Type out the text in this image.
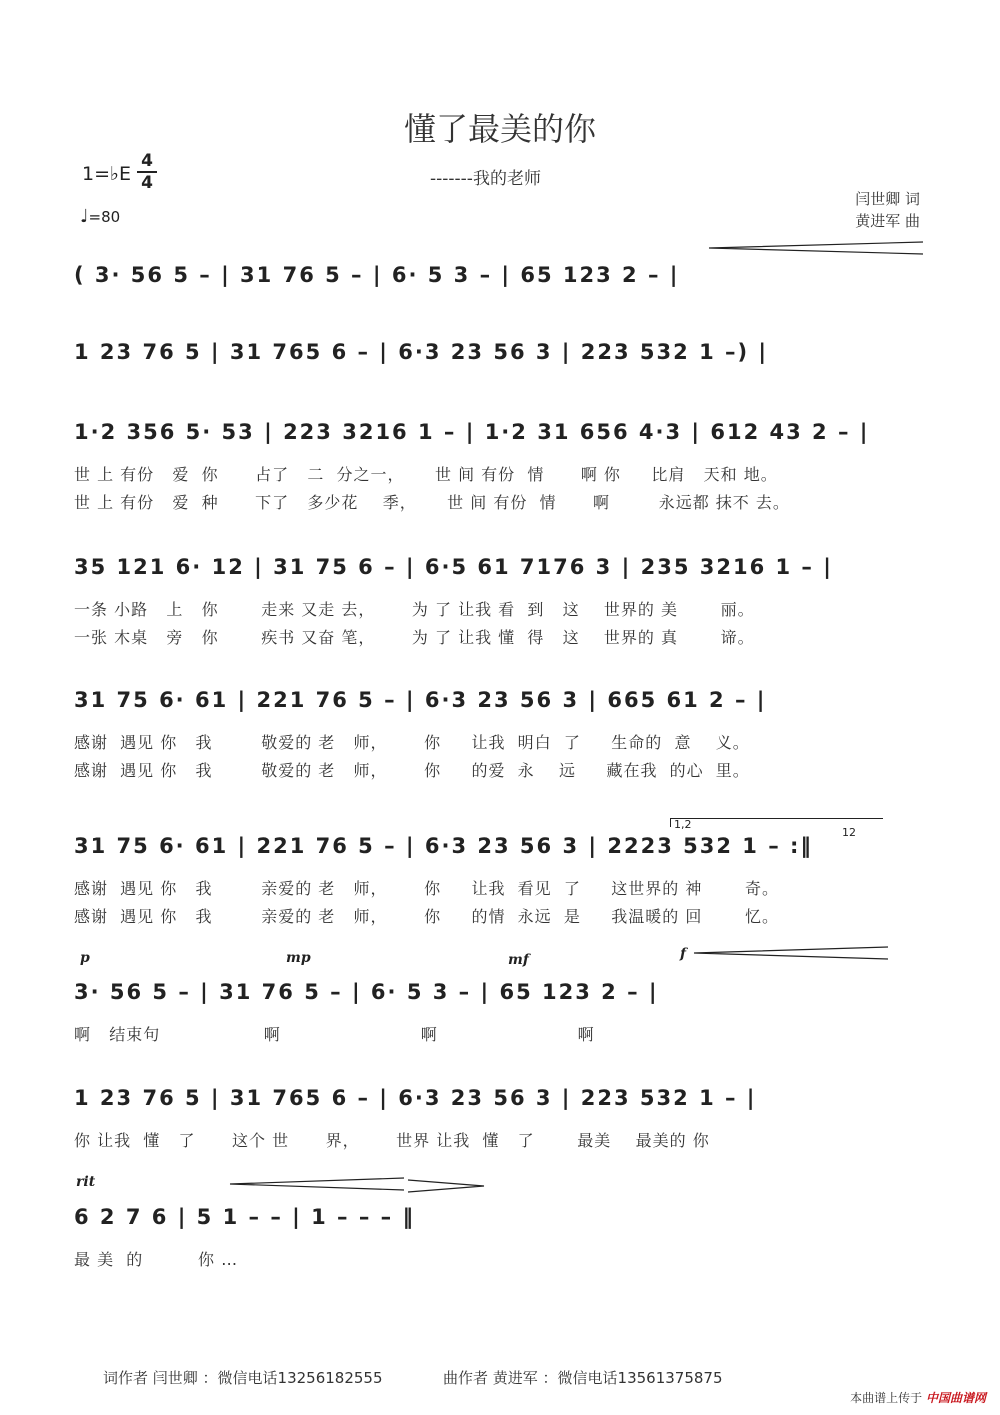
懂了最美的你
-------我的老师
1=♭E
4
4
♩=80
闫世卿 词
黄进军 曲
p	mp	mf	f
rit
1,2
12
( 3· 56 5 – | 31 76 5 – | 6· 5 3 – | 65 123 2 – |
1 23 76 5 | 31 765 6 – | 6·3 23 56 3 | 223 532 1 –) |
1·2 356 5· 53 | 223 3216 1 – | 1·2 31 656 4·3 | 612 43 2 – |
世 上 有份   爱  你      占了   二  分之一，     世 间 有份  情      啊 你     比肩   天和 地。
世 上 有份   爱  种      下了   多少花    季，     世 间 有份  情      啊        永远都 抹不 去。
35 121 6· 12 | 31 75 6 – | 6·5 61 7176 3 | 235 3216 1 – |
一条 小路   上   你       走来 又走 去，      为 了 让我 看  到   这    世界的 美       丽。
一张 木桌   旁   你       疾书 又奋 笔，      为 了 让我 懂  得   这    世界的 真       谛。
31 75 6· 61 | 221 76 5 – | 6·3 23 56 3 | 665 61 2 – |
感谢  遇见 你   我        敬爱的 老   师，      你     让我  明白  了     生命的  意    义。
感谢  遇见 你   我        敬爱的 老   师，      你     的爱  永    远     藏在我  的心  里。
31 75 6· 61 | 221 76 5 – | 6·3 23 56 3 | 2223 532 1 – :‖
感谢  遇见 你   我        亲爱的 老   师，      你     让我  看见  了     这世界的 神       奇。
感谢  遇见 你   我        亲爱的 老   师，      你     的情  永远  是     我温暖的 回       忆。
3· 56 5 – | 31 76 5 – | 6· 5 3 – | 65 123 2 – |
啊   结束句                 啊                       啊                       啊
1 23 76 5 | 31 765 6 – | 6·3 23 56 3 | 223 532 1 – |
你 让我  懂   了      这个 世      界，      世界 让我  懂   了       最美    最美的 你
6 2 7 6 | 5 1 – – | 1 – – – ‖
最 美  的         你 …
词作者 闫世卿 ：微信电话13256182555	曲作者 黄进军 ：微信电话13561375875
本曲谱上传于 中国曲谱网
